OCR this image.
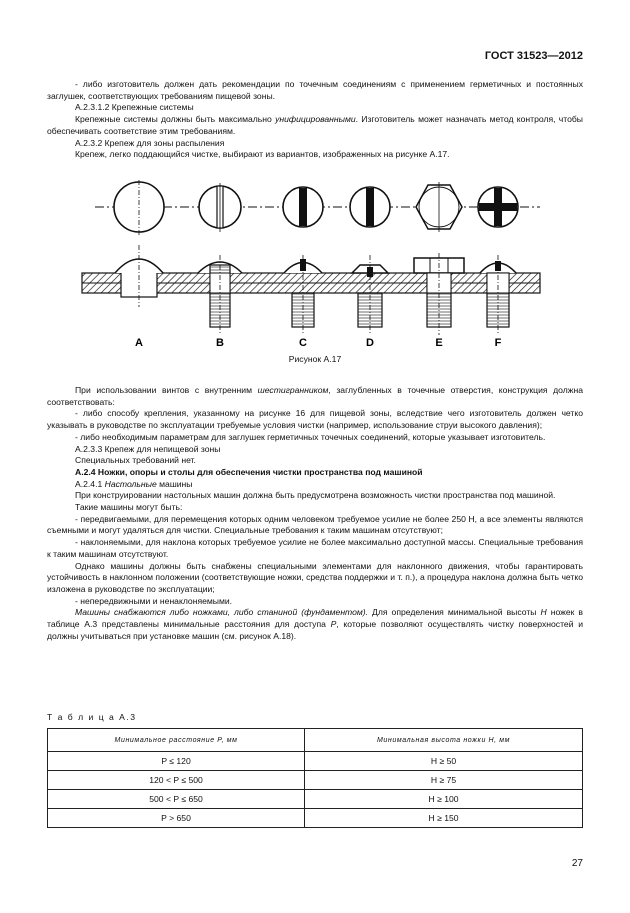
ГОСТ 31523—2012

- либо изготовитель должен дать рекомендации по точечным соединениям с применением герметичных и постоянных заглушек, соответствующих требованиям пищевой зоны.

A.2.3.1.2 Крепежные системы

Крепежные системы должны быть максимально унифицированными. Изготовитель может назначать метод контроля, чтобы обеспечивать соответствие этим требованиям.

A.2.3.2 Крепеж для зоны распыления

Крепеж, легко поддающийся чистке, выбирают из вариантов, изображенных на рисунке A.17.

A	B	C	D	E	F
Рисунок А.17

При использовании винтов с внутренним шестигранником, заглубленных в точечные отверстия, конструкция должна соответствовать:

- либо способу крепления, указанному на рисунке 16 для пищевой зоны, вследствие чего изготовитель должен четко указывать в руководстве по эксплуатации требуемые условия чистки (например, использование струи высокого давления);

- либо необходимым параметрам для заглушек герметичных точечных соединений, которые указывает изготовитель.

A.2.3.3 Крепеж для непищевой зоны

Специальных требований нет.

A.2.4 Ножки, опоры и столы для обеспечения чистки пространства под машиной

A.2.4.1 Настольные машины

При конструировании настольных машин должна быть предусмотрена возможность чистки пространства под машиной.

Такие машины могут быть:

- передвигаемыми, для перемещения которых одним человеком требуемое усилие не более 250 Н, а все элементы являются съемными и могут удаляться для чистки. Специальные требования к таким машинам отсутствуют;

- наклоняемыми, для наклона которых требуемое усилие не более максимально доступной массы. Специальные требования к таким машинам отсутствуют.

Однако машины должны быть снабжены специальными элементами для наклонного движения, чтобы гарантировать устойчивость в наклонном положении (соответствующие ножки, средства поддержки и т. п.), а процедура наклона должна быть четко изложена в руководстве по эксплуатации;

- непередвижными и ненаклоняемыми.

Машины снабжаются либо ножками, либо станиной (фундаментом). Для определения минимальной высоты H ножек в таблице A.3 представлены минимальные расстояния для доступа P, которые позволяют осуществлять чистку поверхностей и должны учитываться при установке машин (см. рисунок A.18).

Т а б л и ц а А.3
Минимальное расстояние P, мм	Минимальная высота ножки H, мм
P ≤ 120	H ≥ 50
120 < P ≤ 500	H ≥ 75
500 < P ≤ 650	H ≥ 100
P > 650	H ≥ 150
27
